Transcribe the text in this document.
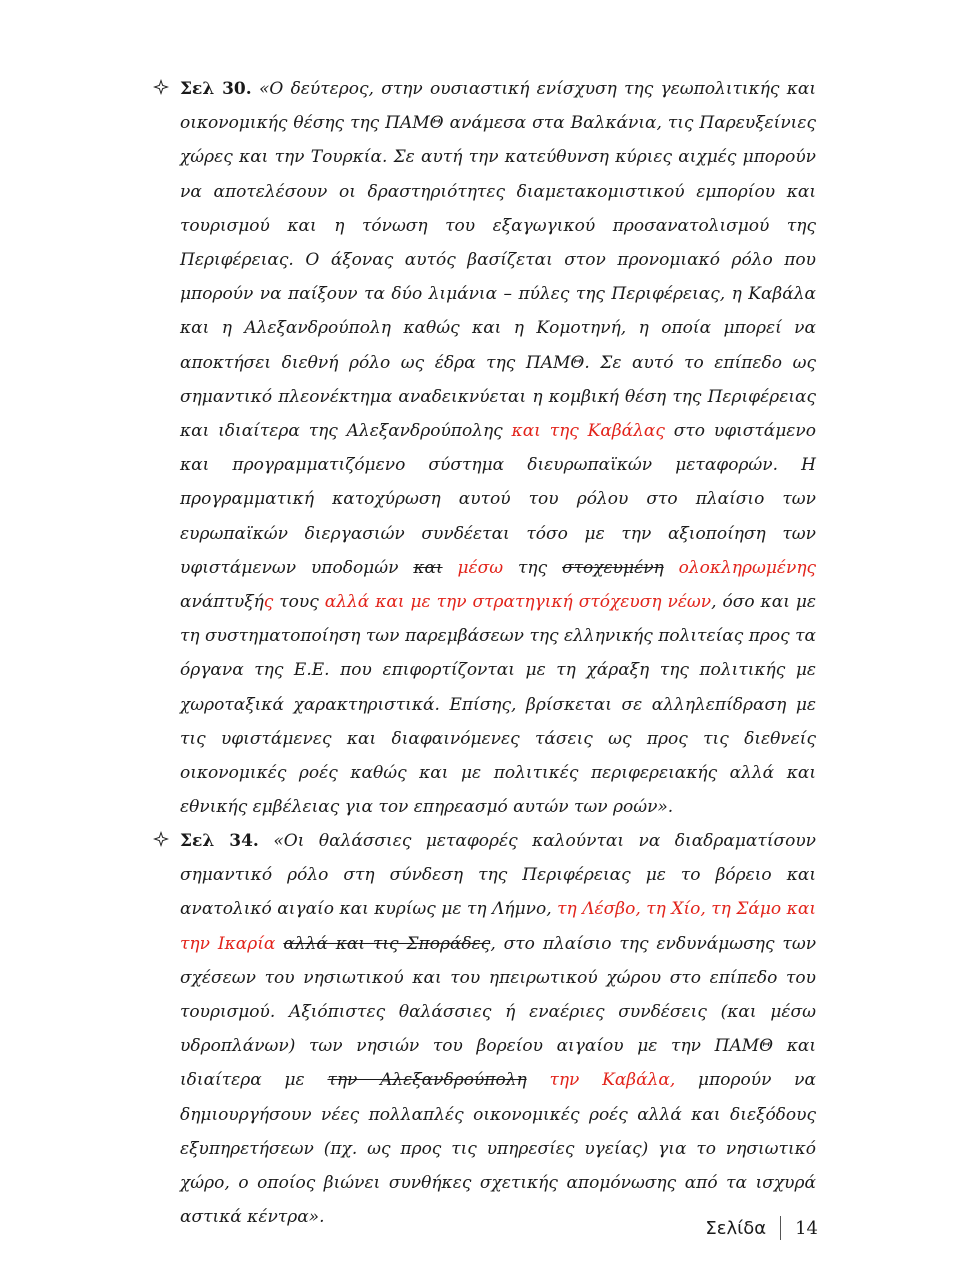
Σελ 30. «Ο δεύτερος, στην ουσιαστική ενίσχυση της γεωπολιτικής και οικονομικής θέσης της ΠΑΜΘ ανάμεσα στα Βαλκάνια, τις Παρευξείνιες χώρες και την Τουρκία. Σε αυτή την κατεύθυνση κύριες αιχμές μπορούν να αποτελέσουν οι δραστηριότητες διαμετακομιστικού εμπορίου και τουρισμού και η τόνωση του εξαγωγικού προσανατολισμού της Περιφέρειας. Ο άξονας αυτός βασίζεται στον προνομιακό ρόλο που μπορούν να παίξουν τα δύο λιμάνια – πύλες της Περιφέρειας, η Καβάλα και η Αλεξανδρούπολη καθώς και η Κομοτηνή, η οποία μπορεί να αποκτήσει διεθνή ρόλο ως έδρα της ΠΑΜΘ. Σε αυτό το επίπεδο ως σημαντικό πλεονέκτημα αναδεικνύεται η κομβική θέση της Περιφέρειας και ιδιαίτερα της Αλεξανδρούπολης και της Καβάλας στο υφιστάμενο και προγραμματιζόμενο σύστημα διευρωπαϊκών μεταφορών. Η προγραμματική κατοχύρωση αυτού του ρόλου στο πλαίσιο των ευρωπαϊκών διεργασιών συνδέεται τόσο με την αξιοποίηση των υφιστάμενων υποδομών και μέσω της στοχευμένη ολοκληρωμένης ανάπτυξής τους αλλά και με την στρατηγική στόχευση νέων, όσο και με τη συστηματοποίηση των παρεμβάσεων της ελληνικής πολιτείας προς τα όργανα της Ε.Ε. που επιφορτίζονται με τη χάραξη της πολιτικής με χωροταξικά χαρακτηριστικά. Επίσης, βρίσκεται σε αλληλεπίδραση με τις υφιστάμενες και διαφαινόμενες τάσεις ως προς τις διεθνείς οικονομικές ροές καθώς και με πολιτικές περιφερειακής αλλά και εθνικής εμβέλειας για τον επηρεασμό αυτών των ροών».
Σελ 34. «Οι θαλάσσιες μεταφορές καλούνται να διαδραματίσουν σημαντικό ρόλο στη σύνδεση της Περιφέρειας με το βόρειο και ανατολικό αιγαίο και κυρίως με τη Λήμνο, τη Λέσβο, τη Χίο, τη Σάμο και την Ικαρία αλλά και τις Σποράδες, στο πλαίσιο της ενδυνάμωσης των σχέσεων του νησιωτικού και του ηπειρωτικού χώρου στο επίπεδο του τουρισμού. Αξιόπιστες θαλάσσιες ή εναέριες συνδέσεις (και μέσω υδροπλάνων) των νησιών του βορείου αιγαίου με την ΠΑΜΘ και ιδιαίτερα με την Αλεξανδρούπολη την Καβάλα, μπορούν να δημιουργήσουν νέες πολλαπλές οικονομικές ροές αλλά και διεξόδους εξυπηρετήσεων (πχ. ως προς τις υπηρεσίες υγείας) για το νησιωτικό χώρο, ο οποίος βιώνει συνθήκες σχετικής απομόνωσης από τα ισχυρά αστικά κέντρα».
Σελίδα 14
